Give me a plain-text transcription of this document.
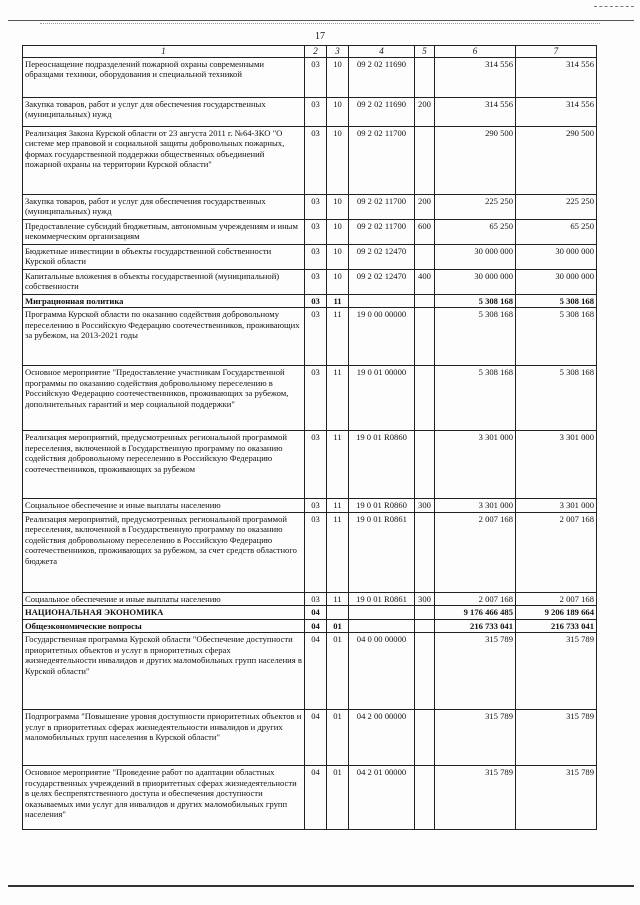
17
1	2	3	4	5	6	7
Переоснащение подразделений пожарной охраны современными образцами техники, оборудования и специальной техникой	03	10	09 2 02 11690		314 556	314 556
Закупка товаров, работ и услуг для обеспечения государственных (муниципальных) нужд	03	10	09 2 02 11690	200	314 556	314 556
Реализация Закона Курской области от 23 августа 2011 г. №64-ЗКО "О системе мер правовой и социальной защиты добровольных пожарных, формах государственной поддержки общественных объединений пожарной охраны на территории Курской области"	03	10	09 2 02 11700		290 500	290 500
Закупка товаров, работ и услуг для обеспечения государственных (муниципальных) нужд	03	10	09 2 02 11700	200	225 250	225 250
Предоставление субсидий бюджетным, автономным учреждениям и иным некоммерческим организациям	03	10	09 2 02 11700	600	65 250	65 250
Бюджетные инвестиции в объекты государственной собственности Курской области	03	10	09 2 02 12470		30 000 000	30 000 000
Капитальные вложения в объекты государственной (муниципальной) собственности	03	10	09 2 02 12470	400	30 000 000	30 000 000
Миграционная политика	03	11			5 308 168	5 308 168
Программа Курской области по оказанию содействия добровольному переселению в Российскую Федерацию соотечественников, проживающих за рубежом, на 2013-2021 годы	03	11	19 0 00 00000		5 308 168	5 308 168
Основное мероприятие "Предоставление участникам Государственной программы по оказанию содействия добровольному переселению в Российскую Федерацию соотечественников, проживающих за рубежом, дополнительных гарантий и мер социальной поддержки"	03	11	19 0 01 00000		5 308 168	5 308 168
Реализация мероприятий, предусмотренных региональной программой переселения, включенной в Государственную программу по оказанию содействия добровольному переселению в Российскую Федерацию соотечественников, проживающих за рубежом	03	11	19 0 01 R0860		3 301 000	3 301 000
Социальное обеспечение и иные выплаты населению	03	11	19 0 01 R0860	300	3 301 000	3 301 000
Реализация мероприятий, предусмотренных региональной программой переселения, включенной в Государственную программу по оказанию содействия добровольному переселению в Российскую Федерацию соотечественников, проживающих за рубежом, за счет средств областного бюджета	03	11	19 0 01 R0861		2 007 168	2 007 168
Социальное обеспечение и иные выплаты населению	03	11	19 0 01 R0861	300	2 007 168	2 007 168
НАЦИОНАЛЬНАЯ ЭКОНОМИКА	04				9 176 466 485	9 206 189 664
Общеэкономические вопросы	04	01			216 733 041	216 733 041
Государственная программа Курской области "Обеспечение доступности приоритетных объектов и услуг в приоритетных сферах жизнедеятельности инвалидов и других маломобильных групп населения в Курской области"	04	01	04 0 00 00000		315 789	315 789
Подпрограмма "Повышение уровня доступности приоритетных объектов и услуг в приоритетных сферах жизнедеятельности инвалидов и других маломобильных групп населения в Курской области"	04	01	04 2 00 00000		315 789	315 789
Основное мероприятие "Проведение работ по адаптации областных государственных учреждений в приоритетных сферах жизнедеятельности в целях беспрепятственного доступа и обеспечения доступности оказываемых ими услуг для инвалидов и других маломобильных групп населения"	04	01	04 2 01 00000		315 789	315 789
